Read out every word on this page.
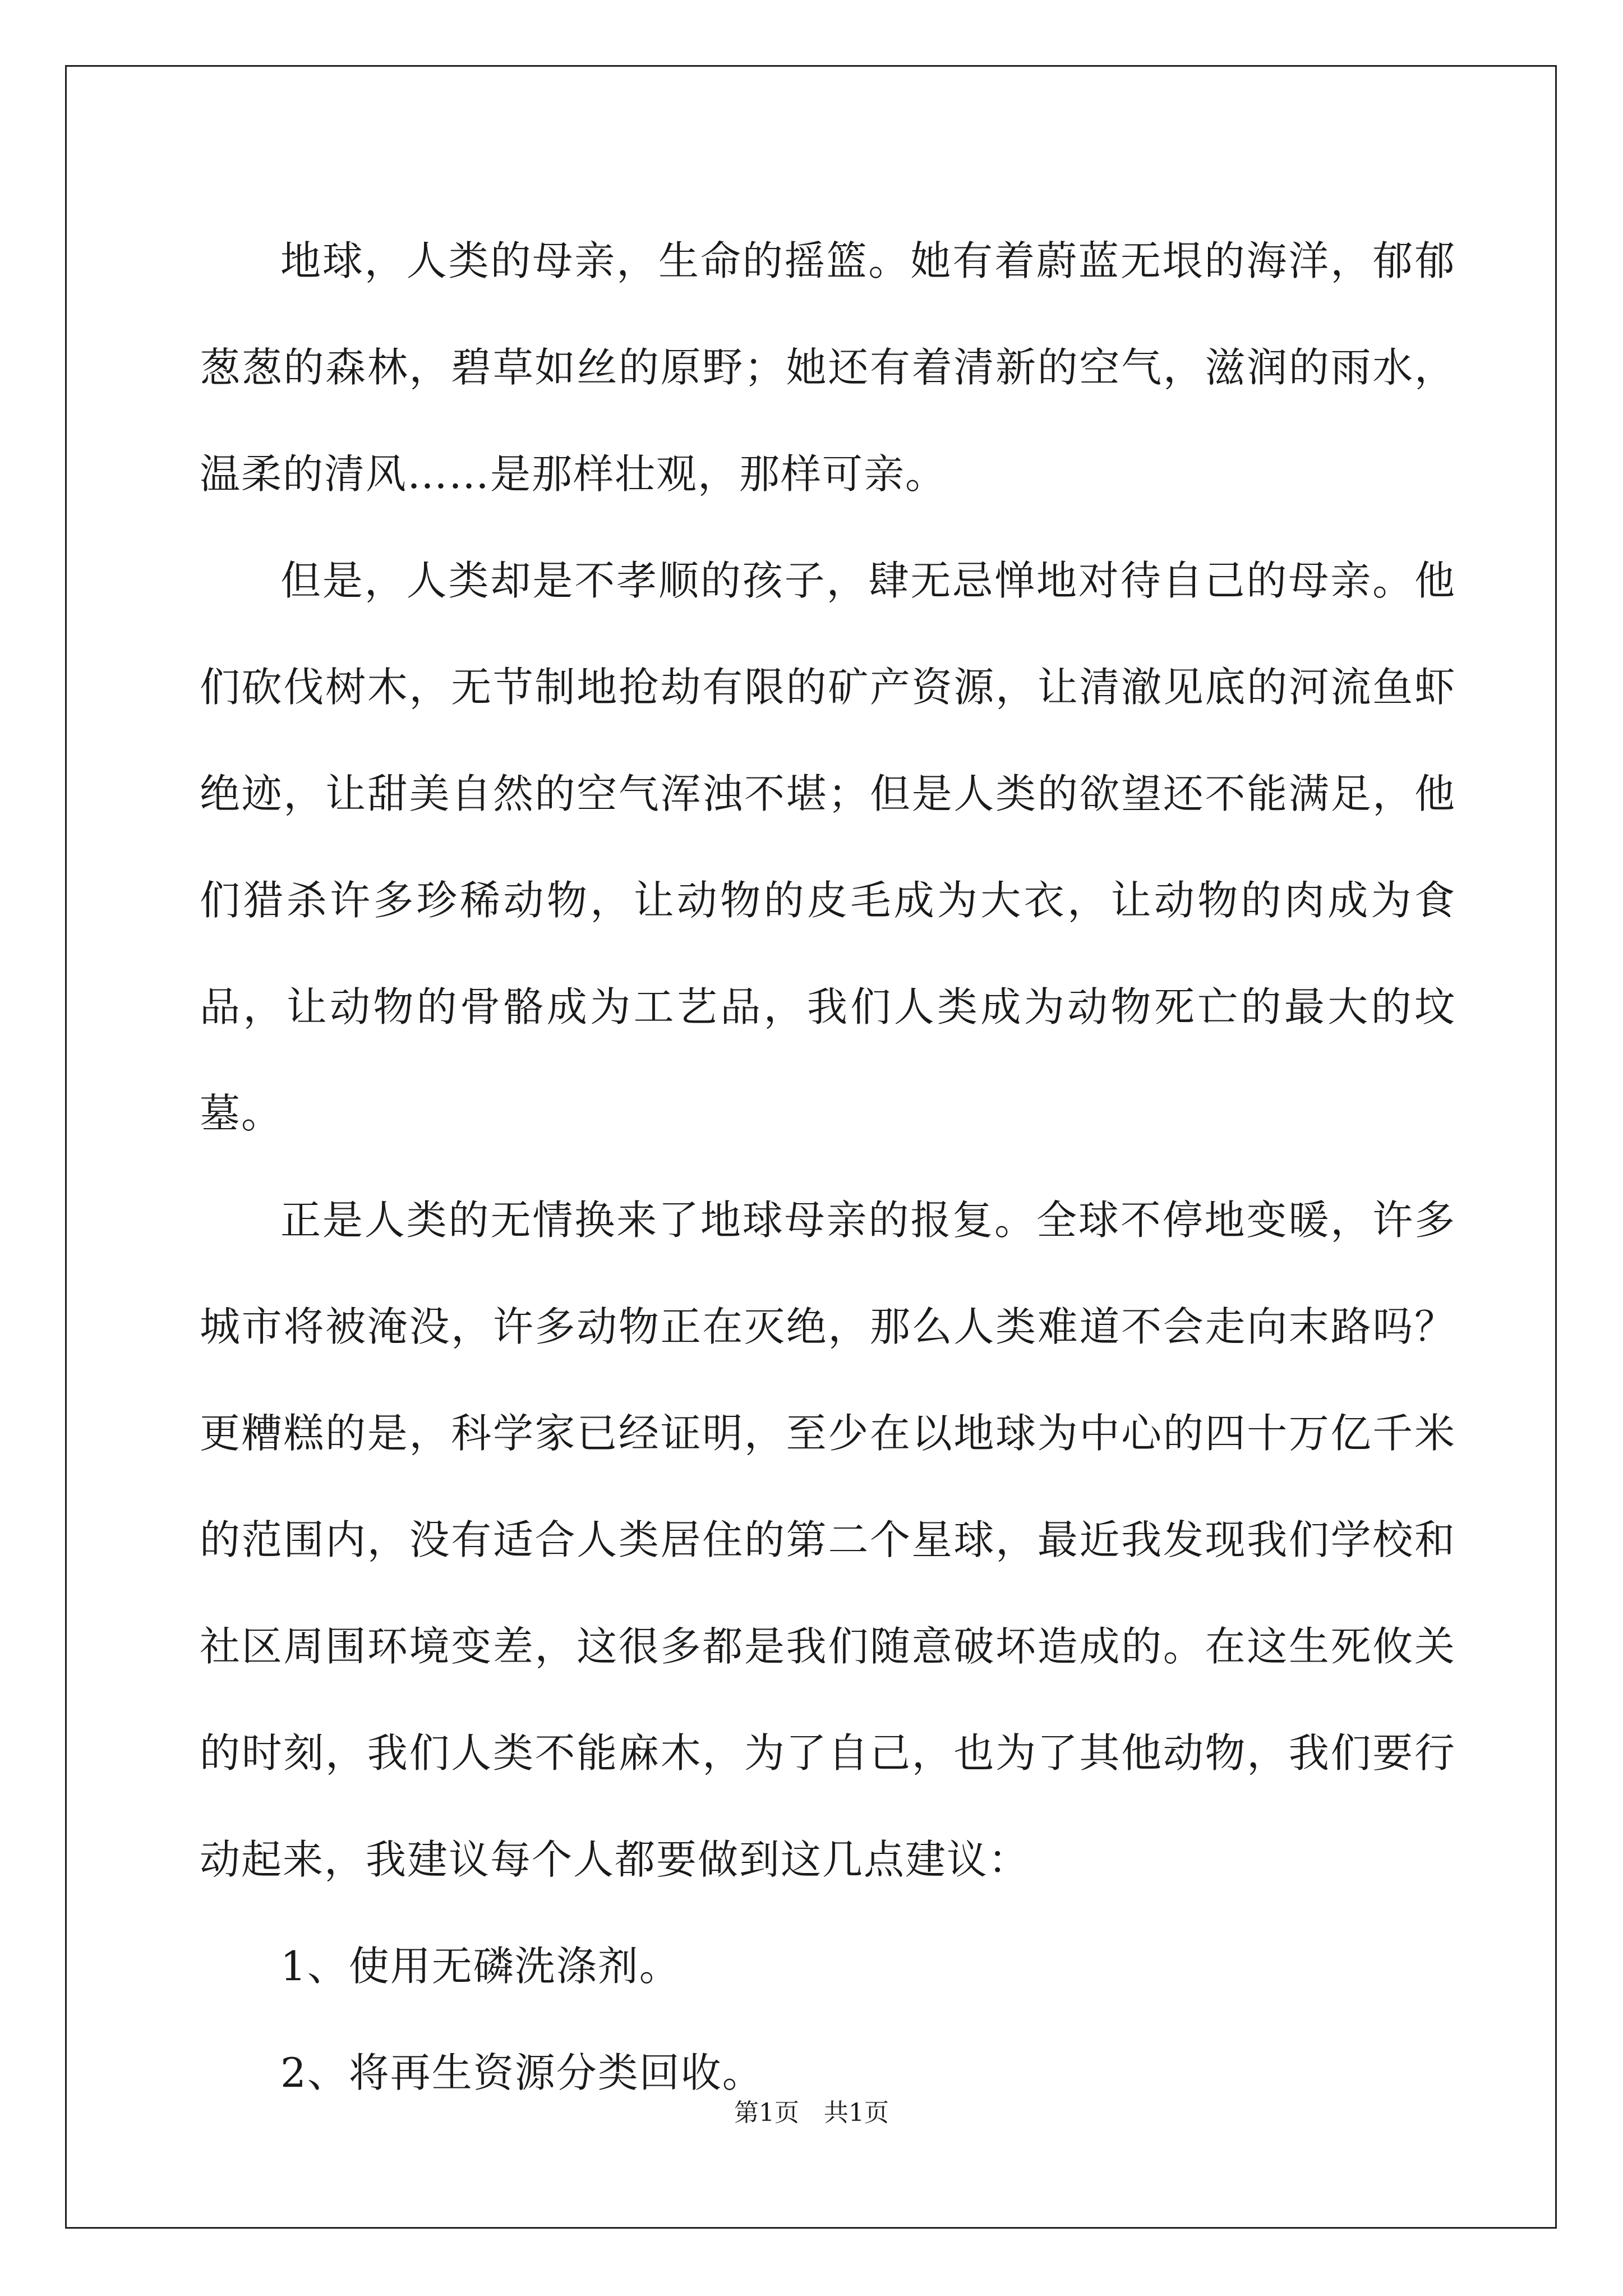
地球，人类的母亲，生命的摇篮。她有着蔚蓝无垠的海洋，郁郁葱葱的森林，碧草如丝的原野；她还有着清新的空气，滋润的雨水，温柔的清风……是那样壮观，那样可亲。

但是，人类却是不孝顺的孩子，肆无忌惮地对待自己的母亲。他们砍伐树木，无节制地抢劫有限的矿产资源，让清澈见底的河流鱼虾绝迹，让甜美自然的空气浑浊不堪；但是人类的欲望还不能满足，他们猎杀许多珍稀动物，让动物的皮毛成为大衣，让动物的肉成为食品，让动物的骨骼成为工艺品，我们人类成为动物死亡的最大的坟墓。

正是人类的无情换来了地球母亲的报复。全球不停地变暖，许多城市将被淹没，许多动物正在灭绝，那么人类难道不会走向末路吗？更糟糕的是，科学家已经证明，至少在以地球为中心的四十万亿千米的范围内，没有适合人类居住的第二个星球，最近我发现我们学校和社区周围环境变差，这很多都是我们随意破坏造成的。在这生死攸关的时刻，我们人类不能麻木，为了自己，也为了其他动物，我们要行动起来，我建议每个人都要做到这几点建议：

1、使用无磷洗涤剂。

2、将再生资源分类回收。

第1页　共1页
